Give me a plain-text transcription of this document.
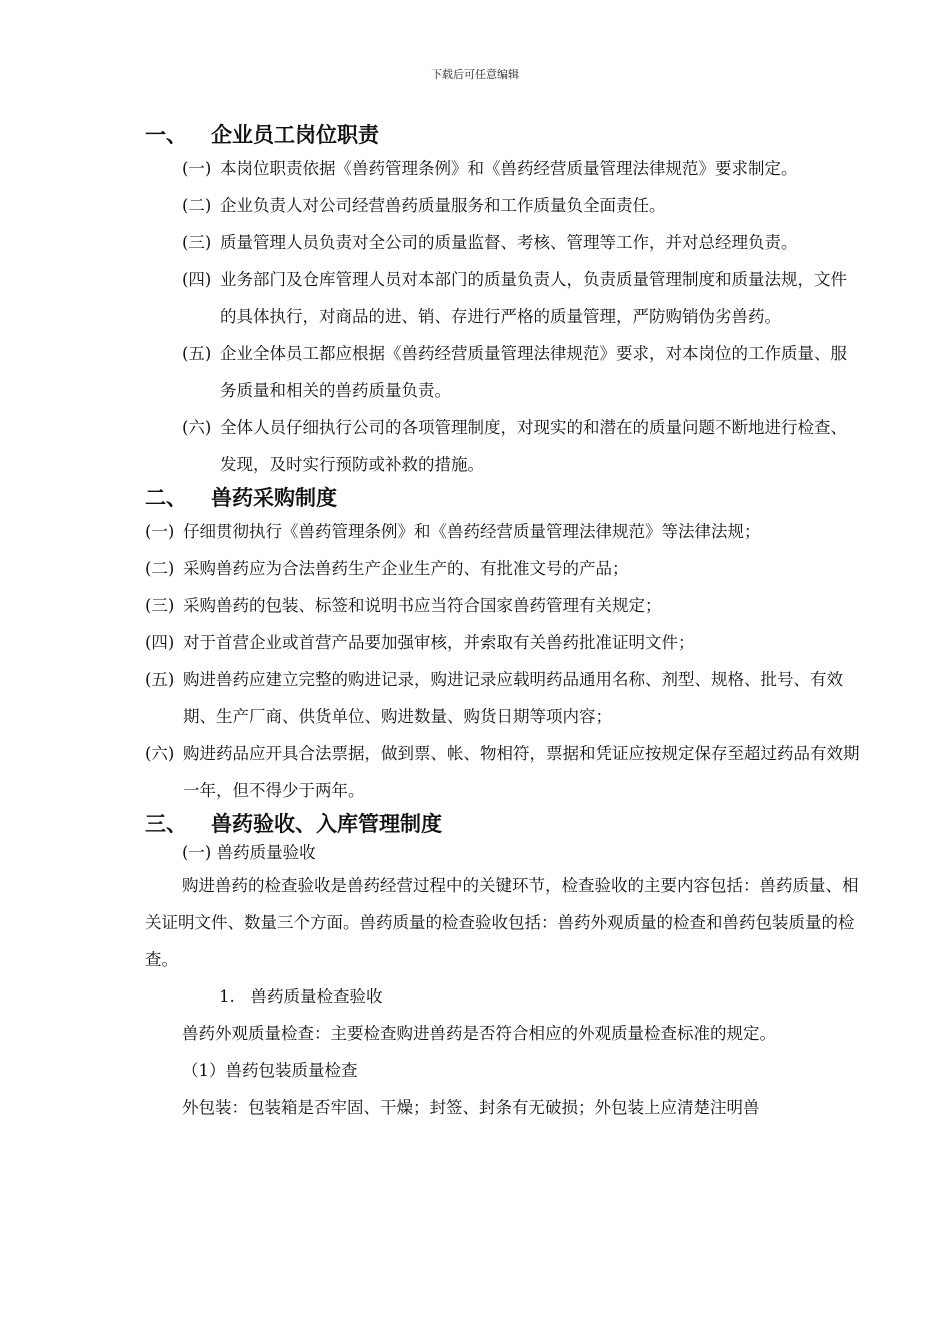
下载后可任意编辑
一、	企业员工岗位职责
(一) 本岗位职责依据《兽药管理条例》和《兽药经营质量管理法律规范》要求制定。
(二) 企业负责人对公司经营兽药质量服务和工作质量负全面责任。
(三) 质量管理人员负责对全公司的质量监督、考核、管理等工作，并对总经理负责。
(四) 业务部门及仓库管理人员对本部门的质量负责人，负责质量管理制度和质量法规，文件的具体执行，对商品的进、销、存进行严格的质量管理，严防购销伪劣兽药。
(五) 企业全体员工都应根据《兽药经营质量管理法律规范》要求，对本岗位的工作质量、服务质量和相关的兽药质量负责。
(六) 全体人员仔细执行公司的各项管理制度，对现实的和潜在的质量问题不断地进行检查、发现，及时实行预防或补救的措施。
二、	兽药采购制度
(一) 仔细贯彻执行《兽药管理条例》和《兽药经营质量管理法律规范》等法律法规；
(二) 采购兽药应为合法兽药生产企业生产的、有批准文号的产品；
(三) 采购兽药的包装、标签和说明书应当符合国家兽药管理有关规定；
(四) 对于首营企业或首营产品要加强审核，并索取有关兽药批准证明文件；
(五) 购进兽药应建立完整的购进记录，购进记录应载明药品通用名称、剂型、规格、批号、有效期、生产厂商、供货单位、购进数量、购货日期等项内容；
(六) 购进药品应开具合法票据，做到票、帐、物相符，票据和凭证应按规定保存至超过药品有效期一年，但不得少于两年。
三、	兽药验收、入库管理制度
(一) 兽药质量验收
购进兽药的检查验收是兽药经营过程中的关键环节，检查验收的主要内容包括：兽药质量、相关证明文件、数量三个方面。兽药质量的检查验收包括：兽药外观质量的检查和兽药包装质量的检查。
1. 兽药质量检查验收
兽药外观质量检查：主要检查购进兽药是否符合相应的外观质量检查标准的规定。
（1）兽药包装质量检查
外包装：包装箱是否牢固、干燥；封签、封条有无破损；外包装上应清楚注明兽
